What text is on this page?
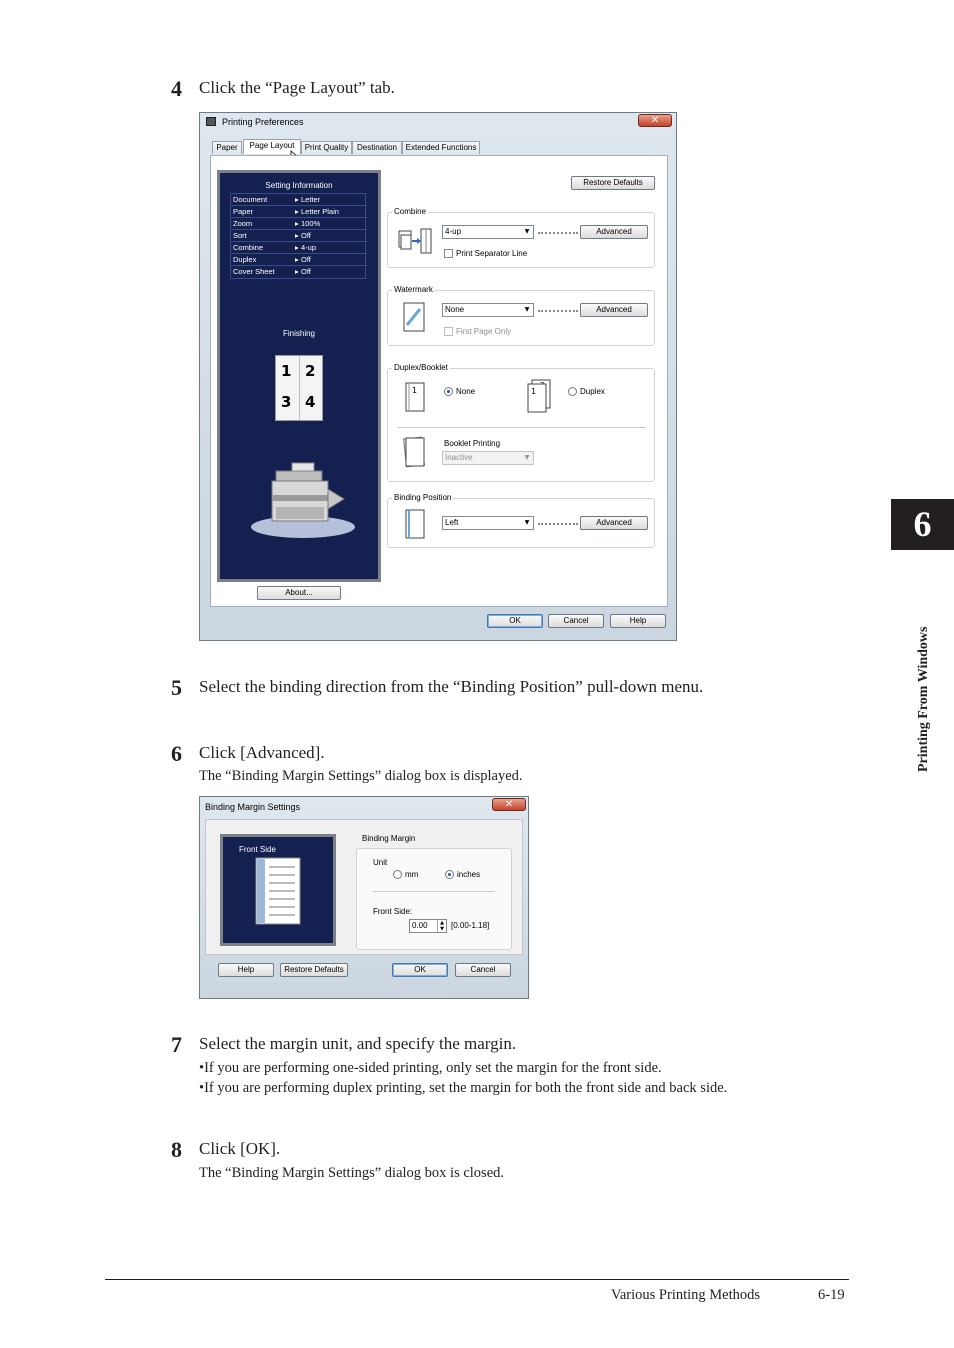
4 Click the “Page Layout” tab.
Printing Preferences	✕
Paper	Page Layout	Print Quality	Destination	Extended Functions
Setting Information
Document	▸ Letter
Paper	▸ Letter Plain
Zoom	▸ 100%
Sort	▸ Off
Combine	▸ 4-up
Duplex	▸ Off
Cover Sheet	▸ Off
Finishing
1 2
3 4
About...
Restore Defaults
Combine
4-up	▼	Advanced
Print Separator Line
Watermark
None	▼	Advanced
First Page Only
Duplex/Booklet
1	None	1	Duplex
Booklet Printing
Inactive	▼
Binding Position
Left	▼	Advanced
OK	Cancel	Help
5 Select the binding direction from the “Binding Position” pull-down menu.
6 Click [Advanced].
The “Binding Margin Settings” dialog box is displayed.
Binding Margin Settings	✕
Front Side
Binding Margin
Unit
mm	inches
Front Side:
0.00	▲
▼ [0.00-1.18]
Help	Restore Defaults	OK	Cancel
7 Select the margin unit, and specify the margin.
•If you are performing one-sided printing, only set the margin for the front side.
•If you are performing duplex printing, set the margin for both the front side and back side.
8 Click [OK].
The “Binding Margin Settings” dialog box is closed.
6
Printing From Windows
Various Printing Methods	6-19
